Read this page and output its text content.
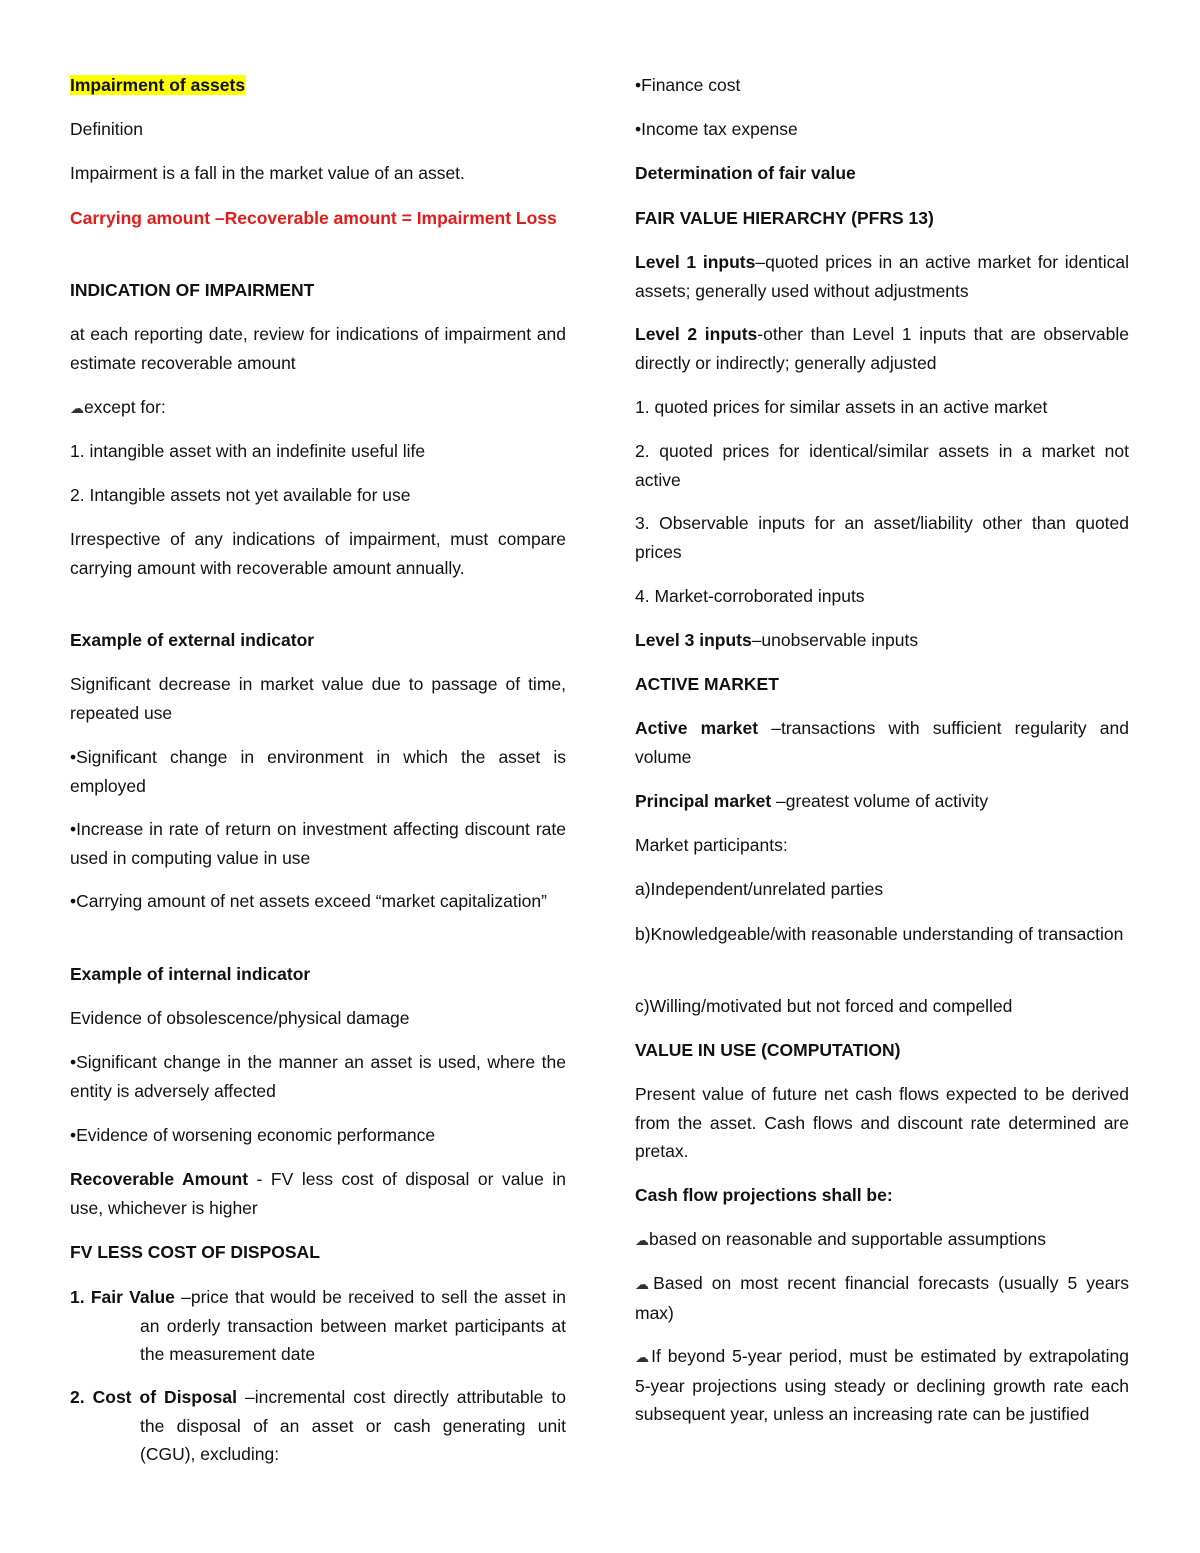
Impairment of assets
Definition
Impairment is a fall in the market value of an asset.
Carrying amount –Recoverable amount = Impairment Loss
INDICATION OF IMPAIRMENT
at each reporting date, review for indications of impairment and estimate recoverable amount
☁except for:
1. intangible asset with an indefinite useful life
2. Intangible assets not yet available for use
Irrespective of any indications of impairment, must compare carrying amount with recoverable amount annually.
Example of external indicator
Significant decrease in market value due to passage of time, repeated use
•Significant change in environment in which the asset is employed
•Increase in rate of return on investment affecting discount rate used in computing value in use
•Carrying amount of net assets exceed “market capitalization”
Example of internal indicator
Evidence of obsolescence/physical damage
•Significant change in the manner an asset is used, where the entity is adversely affected
•Evidence of worsening economic performance
Recoverable Amount - FV less cost of disposal or value in use, whichever is higher
FV LESS COST OF DISPOSAL
1. Fair Value –price that would be received to sell the asset in an orderly transaction between market participants at the measurement date
2. Cost of Disposal –incremental cost directly attributable to the disposal of an asset or cash generating unit (CGU), excluding:
•Finance cost
•Income tax expense
Determination of fair value
FAIR VALUE HIERARCHY (PFRS 13)
Level 1 inputs–quoted prices in an active market for identical assets; generally used without adjustments
Level 2 inputs-other than Level 1 inputs that are observable directly or indirectly; generally adjusted
1. quoted prices for similar assets in an active market
2. quoted prices for identical/similar assets in a market not active
3. Observable inputs for an asset/liability other than quoted prices
4. Market-corroborated inputs
Level 3 inputs–unobservable inputs
ACTIVE MARKET
Active market –transactions with sufficient regularity and volume
Principal market –greatest volume of activity
Market participants:
a)Independent/unrelated parties
b)Knowledgeable/with reasonable understanding of transaction
c)Willing/motivated but not forced and compelled
VALUE IN USE (COMPUTATION)
Present value of future net cash flows expected to be derived from the asset. Cash flows and discount rate determined are pretax.
Cash flow projections shall be:
☁based on reasonable and supportable assumptions
☁Based on most recent financial forecasts (usually 5 years max)
☁If beyond 5-year period, must be estimated by extrapolating 5-year projections using steady or declining growth rate each subsequent year, unless an increasing rate can be justified
